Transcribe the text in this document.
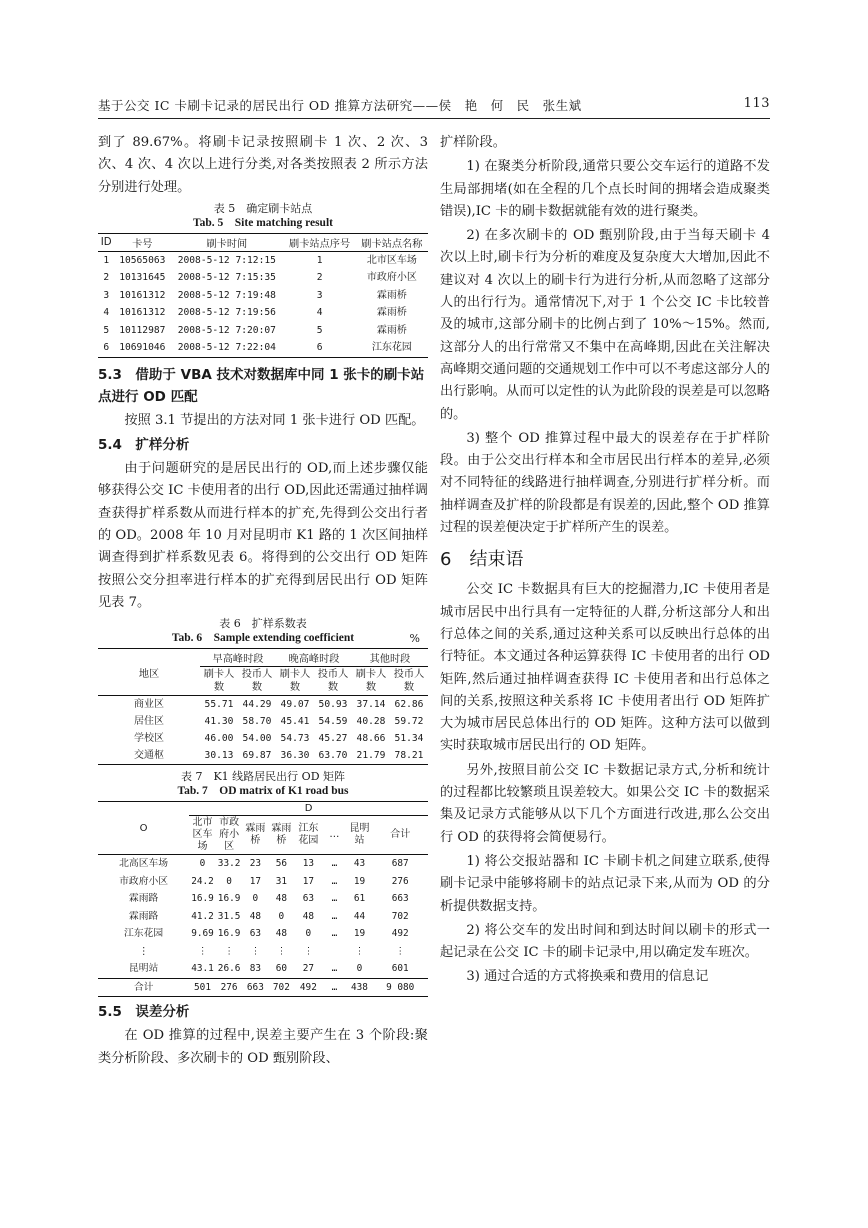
基于公交 IC 卡刷卡记录的居民出行 OD 推算方法研究——侯　艳　何　民　张生斌	113

到了 89.67%。将刷卡记录按照刷卡 1 次、2 次、3 次、4 次、4 次以上进行分类,对各类按照表 2 所示方法分别进行处理。

表 5　确定刷卡站点
Tab. 5　Site matching result
ID	卡号	刷卡时间	刷卡站点序号	刷卡站点名称
1	10565063	2008-5-12 7:12:15	1	北市区车场
2	10131645	2008-5-12 7:15:35	2	市政府小区
3	10161312	2008-5-12 7:19:48	3	霖雨桥
4	10161312	2008-5-12 7:19:56	4	霖雨桥
5	10112987	2008-5-12 7:20:07	5	霖雨桥
6	10691046	2008-5-12 7:22:04	6	江东花园
5.3　借助于 VBA 技术对数据库中同 1 张卡的刷卡站点进行 OD 匹配

按照 3.1 节提出的方法对同 1 张卡进行 OD 匹配。

5.4　扩样分析

由于问题研究的是居民出行的 OD,而上述步骤仅能够获得公交 IC 卡使用者的出行 OD,因此还需通过抽样调查获得扩样系数从而进行样本的扩充,先得到公交出行者的 OD。2008 年 10 月对昆明市 K1 路的 1 次区间抽样调查得到扩样系数见表 6。将得到的公交出行 OD 矩阵按照公交分担率进行样本的扩充得到居民出行 OD 矩阵见表 7。

表 6　扩样系数表
Tab. 6　Sample extending coefficient	%
地区	早高峰时段		晚高峰时段		其他时段	
	刷卡人数	投币人数	刷卡人数	投币人数	刷卡人数	投币人数
商业区	55.71	44.29	49.07	50.93	37.14	62.86
居住区	41.30	58.70	45.41	54.59	40.28	59.72
学校区	46.00	54.00	54.73	45.27	48.66	51.34
交通枢	30.13	69.87	36.30	63.70	21.79	78.21
表 7　K1 线路居民出行 OD 矩阵
Tab. 7　OD matrix of K1 road bus
O	D							
	北市区车场	市政府小区	霖雨桥	霖雨桥	江东花园	…	昆明站	合计
北高区车场	0	33.2	23	56	13	…	43	687
市政府小区	24.2	0	17	31	17	…	19	276
霖雨路	16.9	16.9	0	48	63	…	61	663
霖雨路	41.2	31.5	48	0	48	…	44	702
江东花园	9.69	16.9	63	48	0	…	19	492
⋮	⋮	⋮	⋮	⋮	⋮		⋮	⋮
昆明站	43.1	26.6	83	60	27	…	0	601
合计	501	276	663	702	492	…	438	9 080
5.5　误差分析

在 OD 推算的过程中,误差主要产生在 3 个阶段:聚类分析阶段、多次刷卡的 OD 甄别阶段、

扩样阶段。

1) 在聚类分析阶段,通常只要公交车运行的道路不发生局部拥堵(如在全程的几个点长时间的拥堵会造成聚类错误),IC 卡的刷卡数据就能有效的进行聚类。

2) 在多次刷卡的 OD 甄别阶段,由于当每天刷卡 4 次以上时,刷卡行为分析的难度及复杂度大大增加,因此不建议对 4 次以上的刷卡行为进行分析,从而忽略了这部分人的出行行为。通常情况下,对于 1 个公交 IC 卡比较普及的城市,这部分刷卡的比例占到了 10%～15%。然而,这部分人的出行常常又不集中在高峰期,因此在关注解决高峰期交通问题的交通规划工作中可以不考虑这部分人的出行影响。从而可以定性的认为此阶段的误差是可以忽略的。

3) 整个 OD 推算过程中最大的误差存在于扩样阶段。由于公交出行样本和全市居民出行样本的差异,必须对不同特征的线路进行抽样调查,分别进行扩样分析。而抽样调查及扩样的阶段都是有误差的,因此,整个 OD 推算过程的误差便决定于扩样所产生的误差。

6　结束语

公交 IC 卡数据具有巨大的挖掘潜力,IC 卡使用者是城市居民中出行具有一定特征的人群,分析这部分人和出行总体之间的关系,通过这种关系可以反映出行总体的出行特征。本文通过各种运算获得 IC 卡使用者的出行 OD 矩阵,然后通过抽样调查获得 IC 卡使用者和出行总体之间的关系,按照这种关系将 IC 卡使用者出行 OD 矩阵扩大为城市居民总体出行的 OD 矩阵。这种方法可以做到实时获取城市居民出行的 OD 矩阵。

另外,按照目前公交 IC 卡数据记录方式,分析和统计的过程都比较繁琐且误差较大。如果公交 IC 卡的数据采集及记录方式能够从以下几个方面进行改进,那么公交出行 OD 的获得将会简便易行。

1) 将公交报站器和 IC 卡刷卡机之间建立联系,使得刷卡记录中能够将刷卡的站点记录下来,从而为 OD 的分析提供数据支持。

2) 将公交车的发出时间和到达时间以刷卡的形式一起记录在公交 IC 卡的刷卡记录中,用以确定发车班次。

3) 通过合适的方式将换乘和费用的信息记
